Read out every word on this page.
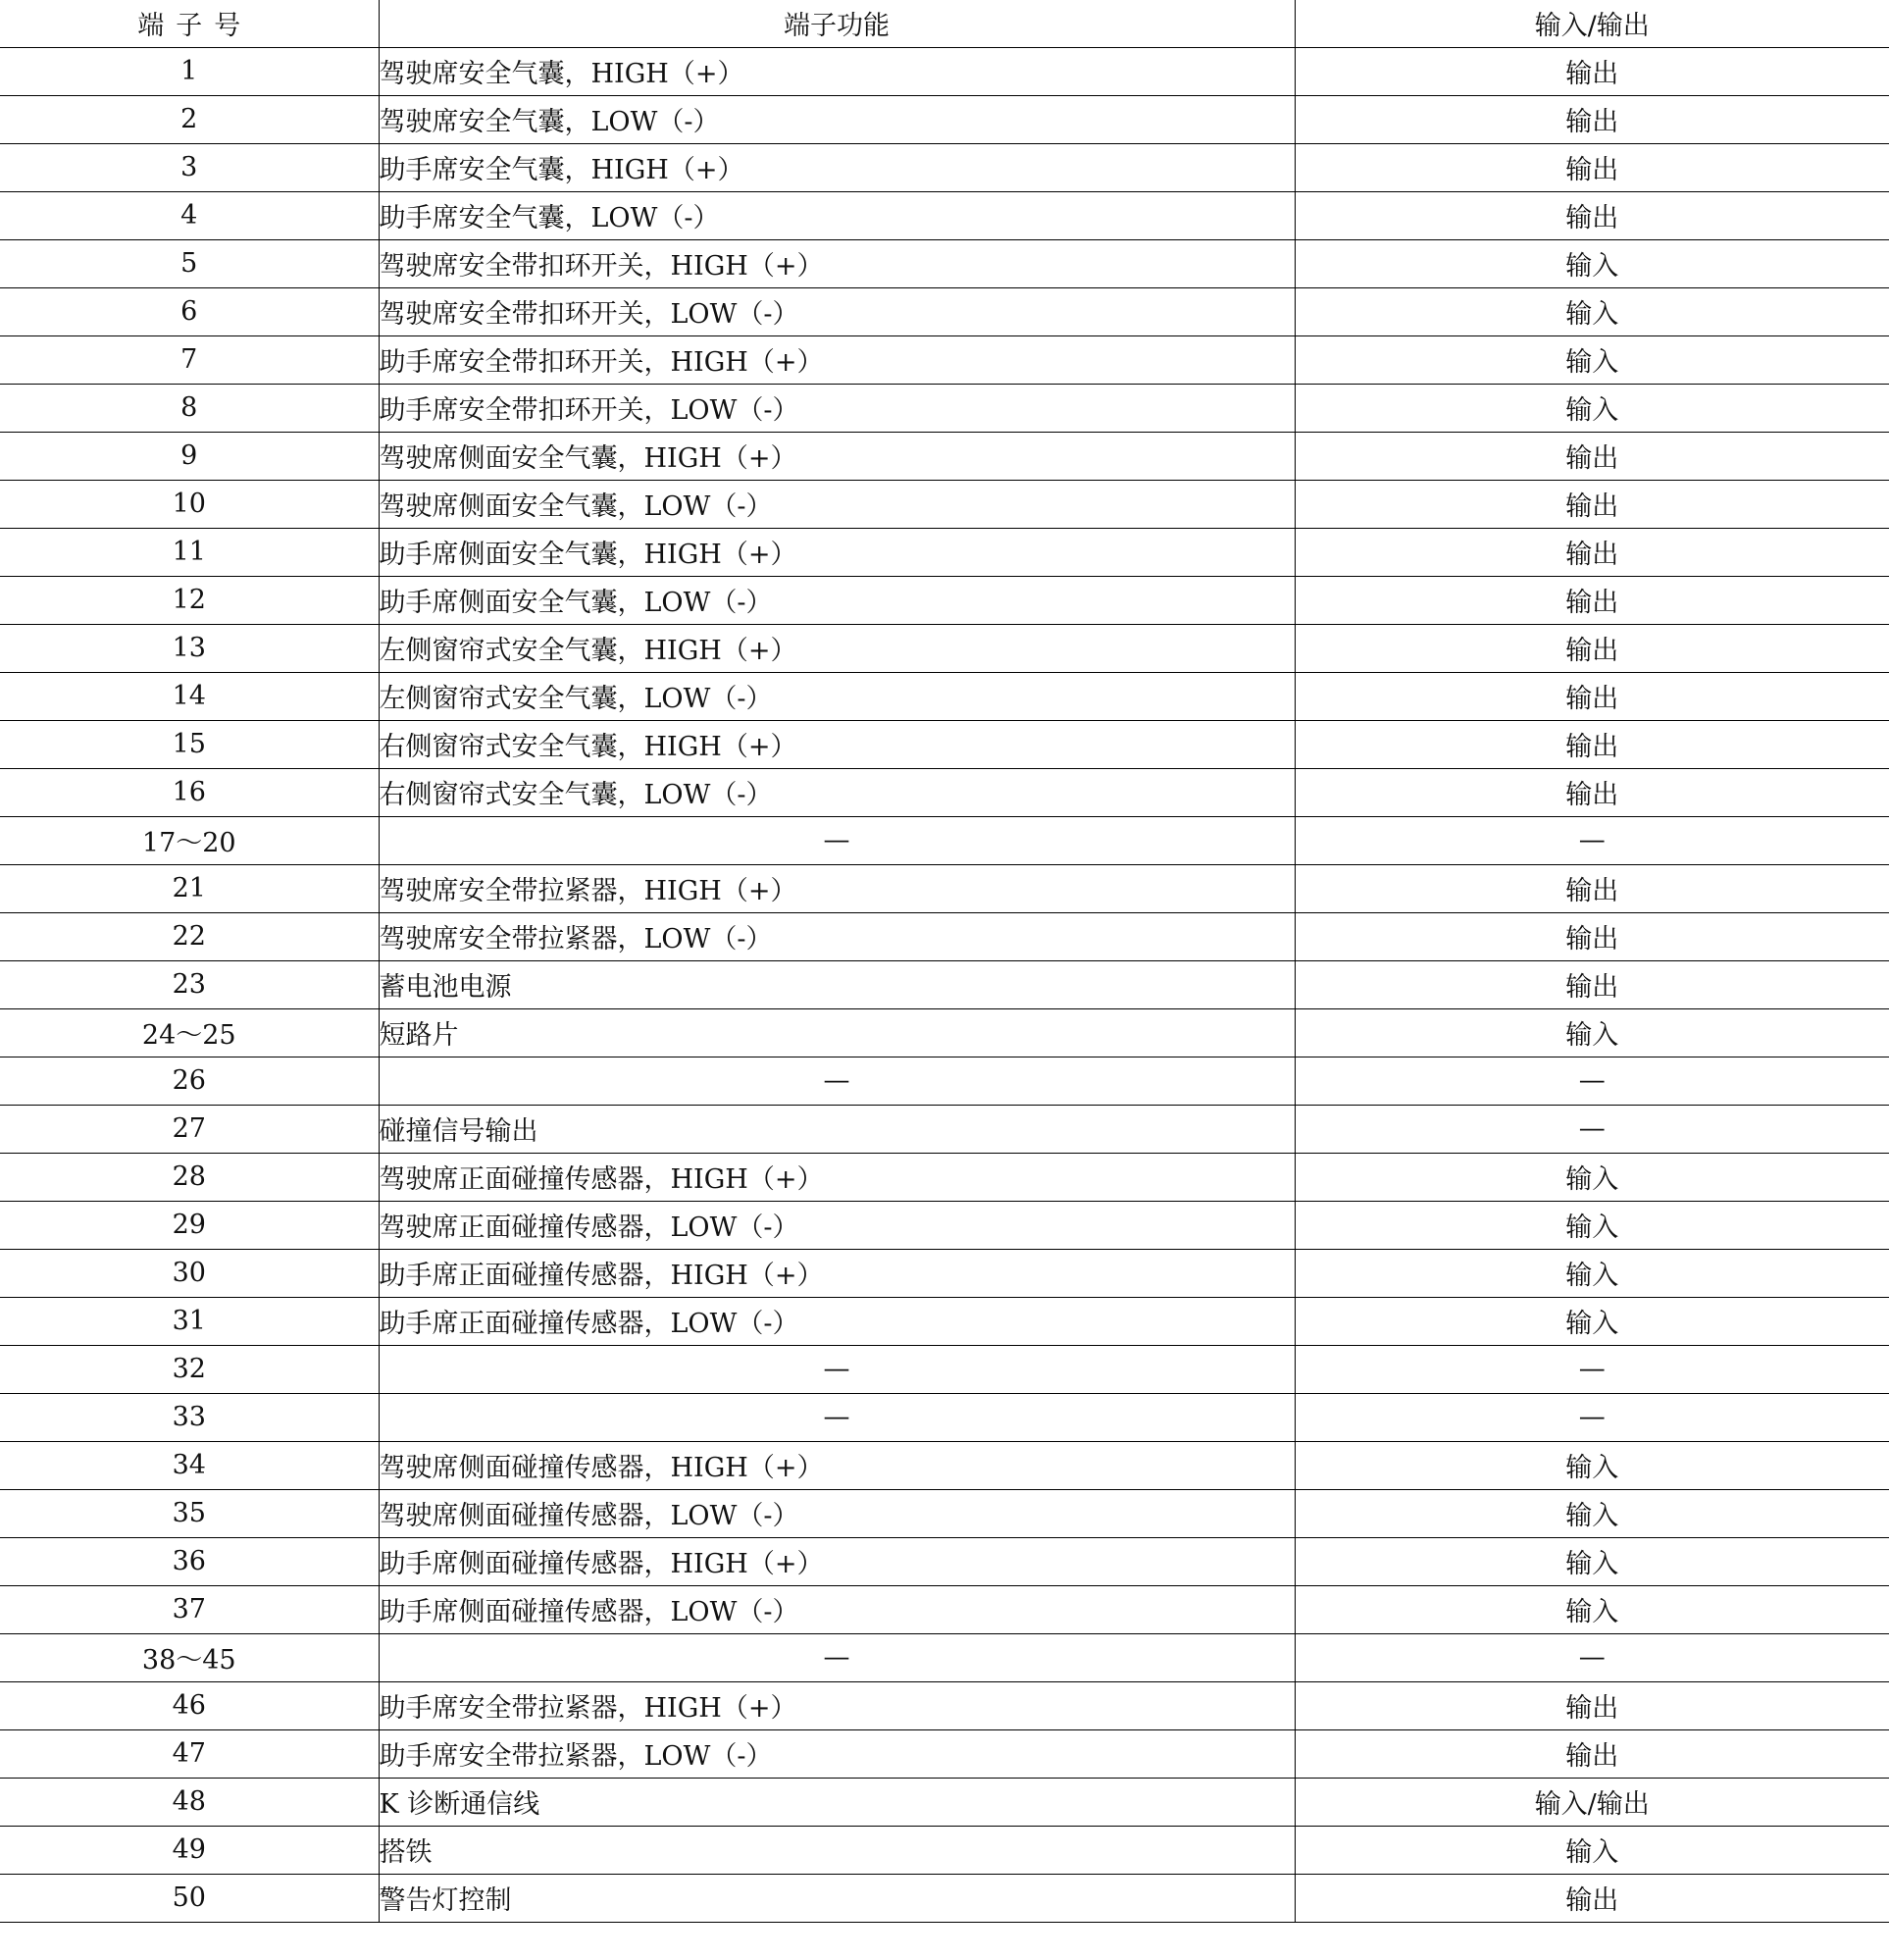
端子号	端子功能	输入/输出
1	驾驶席安全气囊，HIGH（+）	输出
2	驾驶席安全气囊，LOW（-）	输出
3	助手席安全气囊，HIGH（+）	输出
4	助手席安全气囊，LOW（-）	输出
5	驾驶席安全带扣环开关，HIGH（+）	输入
6	驾驶席安全带扣环开关，LOW（-）	输入
7	助手席安全带扣环开关，HIGH（+）	输入
8	助手席安全带扣环开关，LOW（-）	输入
9	驾驶席侧面安全气囊，HIGH（+）	输出
10	驾驶席侧面安全气囊，LOW（-）	输出
11	助手席侧面安全气囊，HIGH（+）	输出
12	助手席侧面安全气囊，LOW（-）	输出
13	左侧窗帘式安全气囊，HIGH（+）	输出
14	左侧窗帘式安全气囊，LOW（-）	输出
15	右侧窗帘式安全气囊，HIGH（+）	输出
16	右侧窗帘式安全气囊，LOW（-）	输出
17～20	—	—
21	驾驶席安全带拉紧器，HIGH（+）	输出
22	驾驶席安全带拉紧器，LOW（-）	输出
23	蓄电池电源	输出
24～25	短路片	输入
26	—	—
27	碰撞信号输出	—
28	驾驶席正面碰撞传感器，HIGH（+）	输入
29	驾驶席正面碰撞传感器，LOW（-）	输入
30	助手席正面碰撞传感器，HIGH（+）	输入
31	助手席正面碰撞传感器，LOW（-）	输入
32	—	—
33	—	—
34	驾驶席侧面碰撞传感器，HIGH（+）	输入
35	驾驶席侧面碰撞传感器，LOW（-）	输入
36	助手席侧面碰撞传感器，HIGH（+）	输入
37	助手席侧面碰撞传感器，LOW（-）	输入
38～45	—	—
46	助手席安全带拉紧器，HIGH（+）	输出
47	助手席安全带拉紧器，LOW（-）	输出
48	K 诊断通信线	输入/输出
49	搭铁	输入
50	警告灯控制	输出
